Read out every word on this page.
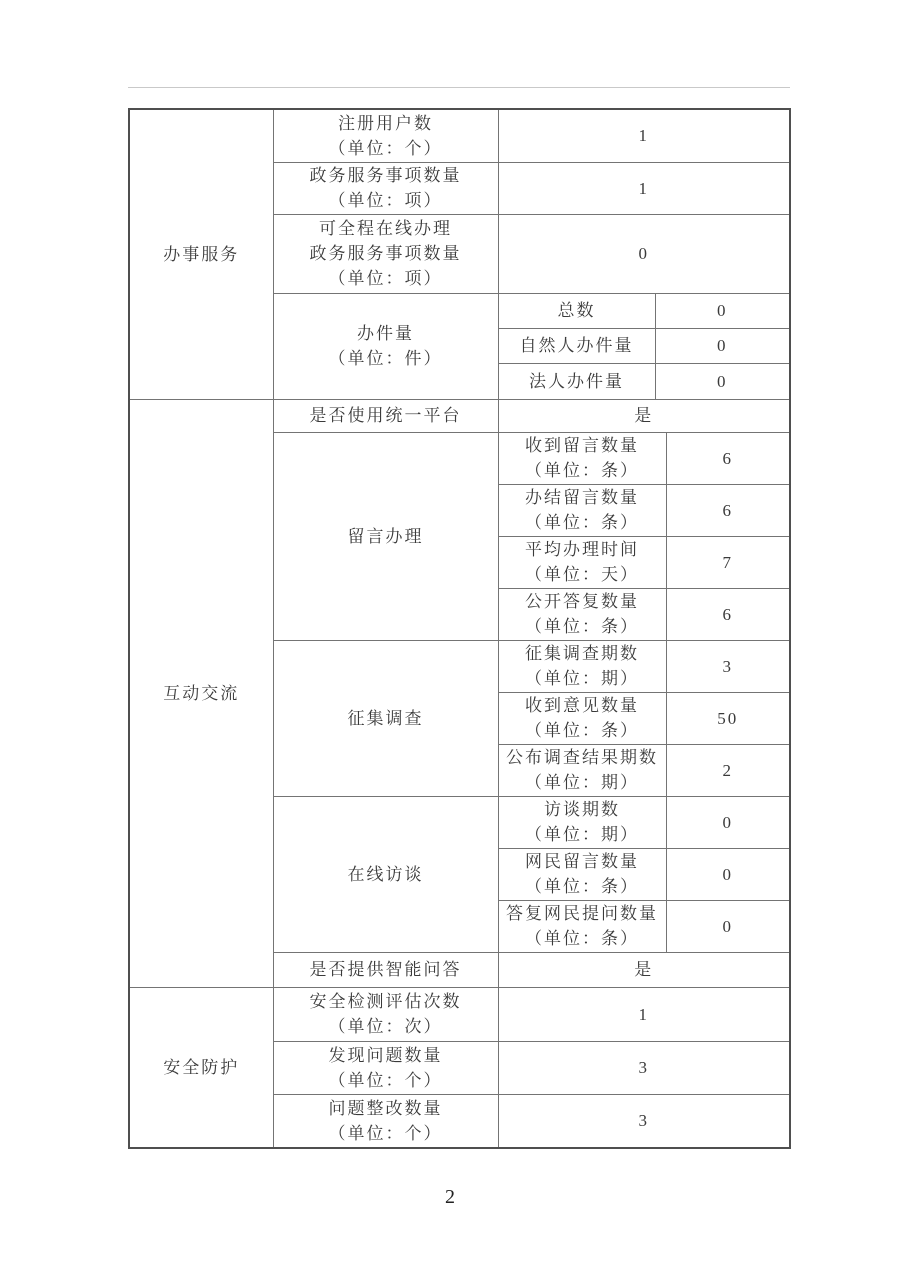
办事服务	注册用户数
（单位：个）	1		

	政务服务事项数量
（单位：项）	1		

	可全程在线办理
政务服务事项数量
（单位：项）	0		

	办件量
（单位：件）	总数	0	

		自然人办件量	0	

		法人办件量	0	

互动交流	是否使用统一平台	是		

	留言办理	收到留言数量
（单位：条）		6

		办结留言数量
（单位：条）		6

		平均办理时间
（单位：天）		7

		公开答复数量
（单位：条）		6

	征集调查	征集调查期数
（单位：期）		3

		收到意见数量
（单位：条）		50

		公布调查结果期数
（单位：期）		2

	在线访谈	访谈期数
（单位：期）		0

		网民留言数量
（单位：条）		0

		答复网民提问数量
（单位：条）		0

	是否提供智能问答	是		

安全防护	安全检测评估次数
（单位：次）	1		

	发现问题数量
（单位：个）	3		

	问题整改数量
（单位：个）	3		
2
